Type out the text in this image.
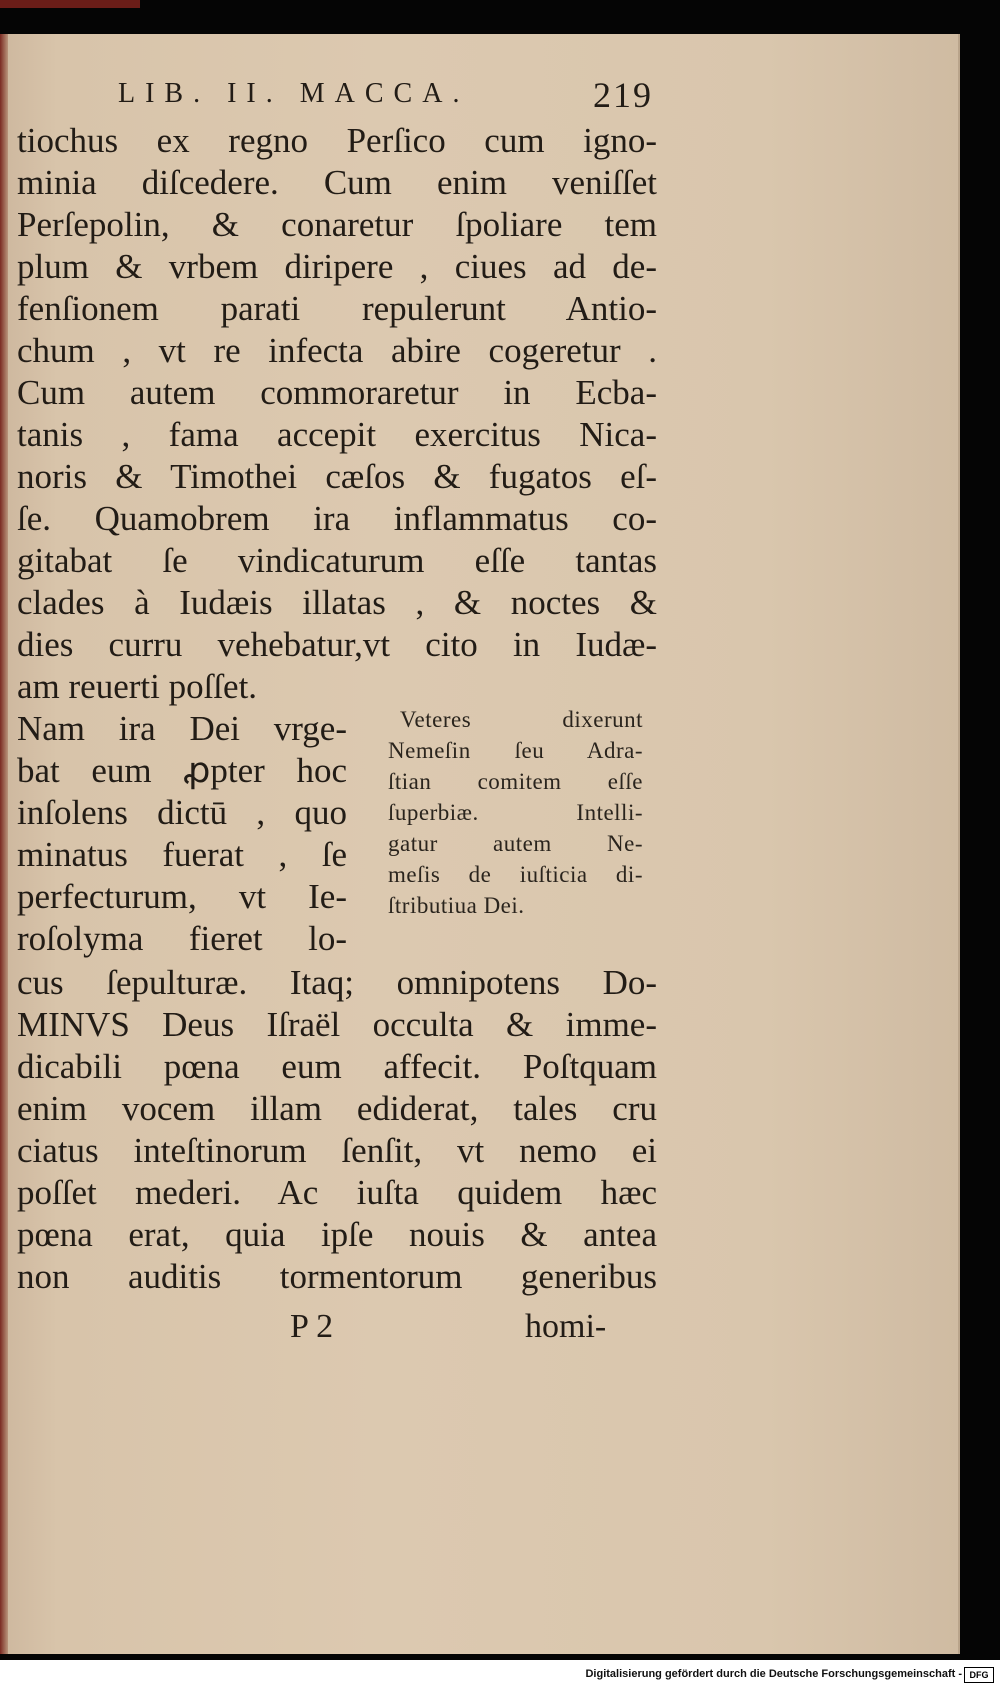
LIB. II. MACCA.	219
tiochus ex regno Perſico cum igno-
minia diſcedere. Cum enim veniſſet
Perſepolin, & conaretur ſpoliare tem
plum & vrbem diripere , ciues ad de-
fenſionem parati repulerunt Antio-
chum , vt re infecta abire cogeretur .
Cum autem commoraretur in Ecba-
tanis , fama accepit exercitus Nica-
noris & Timothei cæſos & fugatos eſ-
ſe. Quamobrem ira inflammatus co-
gitabat ſe vindicaturum eſſe tantas
clades à Iudæis illatas , & noctes &
dies curru vehebatur,vt cito in Iudæ-
am reuerti poſſet.
Nam ira Dei vrge-
bat eum ꝓpter hoc
inſolens dictū , quo
minatus fuerat , ſe
perfecturum, vt Ie-
roſolyma fieret lo-
Veteres dixerunt
Nemeſin ſeu Adra-
ſtian comitem eſſe
ſuperbiæ. Intelli-
gatur autem Ne-
meſis de iuſticia di-
ſtributiua Dei.
cus ſepulturæ. Itaq; omnipotens Do-
MINVS Deus Iſraël occulta & imme-
dicabili pœna eum affecit. Poſtquam
enim vocem illam ediderat, tales cru
ciatus inteſtinorum ſenſit, vt nemo ei
poſſet mederi. Ac iuſta quidem hæc
pœna erat, quia ipſe nouis & antea
non auditis tormentorum generibus
P 2	homi-
Digitalisierung gefördert durch die Deutsche Forschungsgemeinschaft - DFG
